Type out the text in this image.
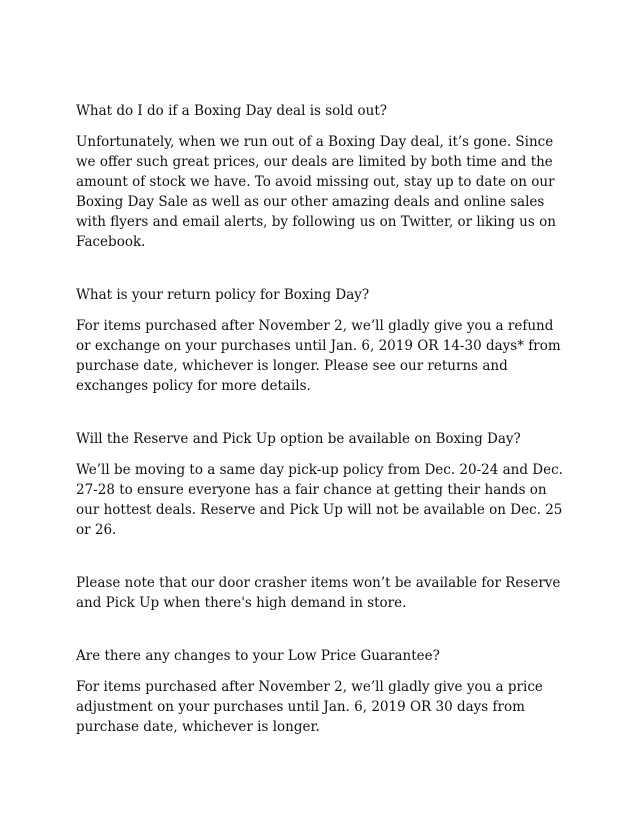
What do I do if a Boxing Day deal is sold out?

Unfortunately, when we run out of a Boxing Day deal, it’s gone. Since we offer such great prices, our deals are limited by both time and the amount of stock we have. To avoid missing out, stay up to date on our Boxing Day Sale as well as our other amazing deals and online sales with flyers and email alerts, by following us on Twitter, or liking us on Facebook.

What is your return policy for Boxing Day?

For items purchased after November 2, we’ll gladly give you a refund or exchange on your purchases until Jan. 6, 2019 OR 14-30 days* from purchase date, whichever is longer. Please see our returns and exchanges policy for more details.

Will the Reserve and Pick Up option be available on Boxing Day?

We’ll be moving to a same day pick-up policy from Dec. 20-24 and Dec. 27-28 to ensure everyone has a fair chance at getting their hands on our hottest deals. Reserve and Pick Up will not be available on Dec. 25 or 26.

Please note that our door crasher items won’t be available for Reserve and Pick Up when there's high demand in store.

Are there any changes to your Low Price Guarantee?

For items purchased after November 2, we’ll gladly give you a price adjustment on your purchases until Jan. 6, 2019 OR 30 days from purchase date, whichever is longer.
